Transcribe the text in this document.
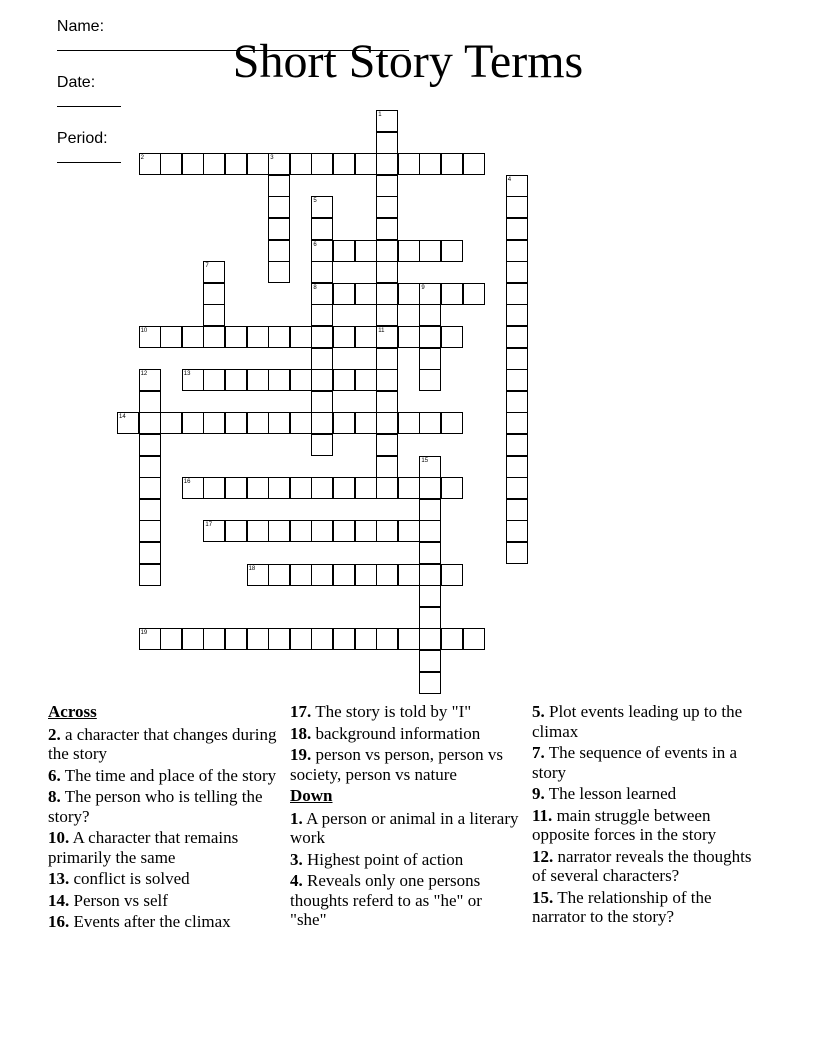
Name:

Date:

Period:

Short Story Terms
1
11
2	3
4
5
6
8
7
9
10
12	13
14
15
16
17
18
19
Across
2. a character that changes during the story
6. The time and place of the story
8. The person who is telling the story?
10. A character that remains primarily the same
13. conflict is solved
14. Person vs self
16. Events after the climax
17. The story is told by "I"
18. background information
19. person vs person, person vs society, person vs nature
Down
1. A person or animal in a literary work
3. Highest point of action
4. Reveals only one persons thoughts referd to as "he" or "she"
5. Plot events leading up to the climax
7. The sequence of events in a story
9. The lesson learned
11. main struggle between opposite forces in the story
12. narrator reveals the thoughts of several characters?
15. The relationship of the narrator to the story?
